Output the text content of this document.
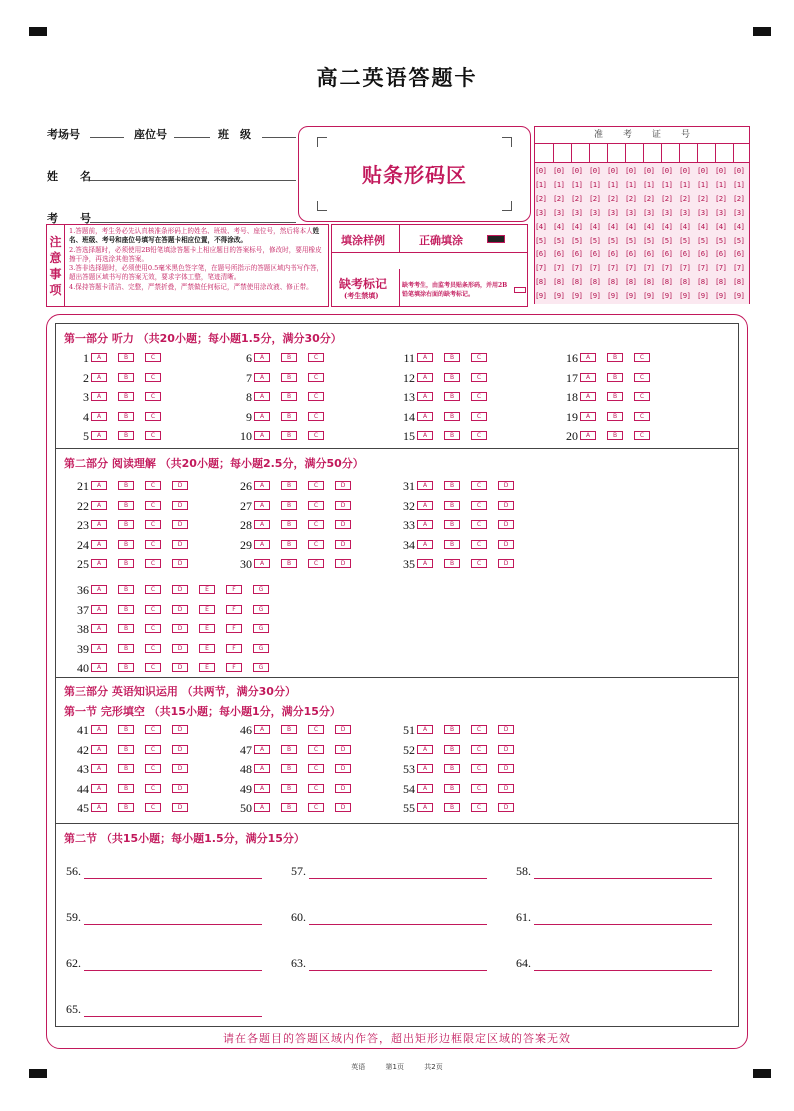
高二英语答题卡
考场号	座位号	班　级
姓　　名
考　　号
贴条形码区
注
意
事
项
1.答题前，考生务必先认真核准条形码上的姓名、班级、考号、座位号，然后将本人姓名、班级、考号和座位号填写在答题卡相应位置，不得涂改。
2.答选择题时，必须使用2B铅笔填涂答题卡上相应题目的答案标号，修改时，要用橡皮擦干净，再选涂其他答案。
3.答非选择题时，必须使用0.5毫米黑色签字笔，在题号所指示的答题区域内书写作答，超出答题区域书写的答案无效，要求字体工整，笔迹清晰。
4.保持答题卡清洁、完整，严禁折叠，严禁做任何标记，严禁使用涂改液、修正带。
填涂样例	正确填涂
缺考标记
(考生禁填)
缺考考生，由监考员贴条形码，并用2B铅笔填涂右面的缺考标记。
准考证号
[0] [0] [0] [0] [0] [0] [0] [0] [0] [0] [0] [0]
[1] [1] [1] [1] [1] [1] [1] [1] [1] [1] [1] [1]
[2] [2] [2] [2] [2] [2] [2] [2] [2] [2] [2] [2]
[3] [3] [3] [3] [3] [3] [3] [3] [3] [3] [3] [3]
[4] [4] [4] [4] [4] [4] [4] [4] [4] [4] [4] [4]
[5] [5] [5] [5] [5] [5] [5] [5] [5] [5] [5] [5]
[6] [6] [6] [6] [6] [6] [6] [6] [6] [6] [6] [6]
[7] [7] [7] [7] [7] [7] [7] [7] [7] [7] [7] [7]
[8] [8] [8] [8] [8] [8] [8] [8] [8] [8] [8] [8]
[9] [9] [9] [9] [9] [9] [9] [9] [9] [9] [9] [9]
第一部分 听力 （共20小题；每小题1.5分，满分30分）
第二部分 阅读理解 （共20小题；每小题2.5分，满分50分）
第三部分 英语知识运用 （共两节，满分30分）
第一节 完形填空 （共15小题；每小题1分，满分15分）
第二节 （共15小题；每小题1.5分，满分15分）
1	A	B	C
2	A	B	C
3	A	B	C
4	A	B	C
5	A	B	C
6	A	B	C
7	A	B	C
8	A	B	C
9	A	B	C
10	A	B	C
11	A	B	C
12	A	B	C
13	A	B	C
14	A	B	C
15	A	B	C
16	A	B	C
17	A	B	C
18	A	B	C
19	A	B	C
20	A	B	C
21	A	B	C	D
22	A	B	C	D
23	A	B	C	D
24	A	B	C	D
25	A	B	C	D
26	A	B	C	D
27	A	B	C	D
28	A	B	C	D
29	A	B	C	D
30	A	B	C	D
31	A	B	C	D
32	A	B	C	D
33	A	B	C	D
34	A	B	C	D
35	A	B	C	D
36	A	B	C	D	E	F	G
37	A	B	C	D	E	F	G
38	A	B	C	D	E	F	G
39	A	B	C	D	E	F	G
40	A	B	C	D	E	F	G
41	A	B	C	D
42	A	B	C	D
43	A	B	C	D
44	A	B	C	D
45	A	B	C	D
46	A	B	C	D
47	A	B	C	D
48	A	B	C	D
49	A	B	C	D
50	A	B	C	D
51	A	B	C	D
52	A	B	C	D
53	A	B	C	D
54	A	B	C	D
55	A	B	C	D
56.	57.	58.
59.	60.	61.
62.	63.	64.
65.
请在各题目的答题区域内作答，超出矩形边框限定区域的答案无效
英语	第1页	共2页
